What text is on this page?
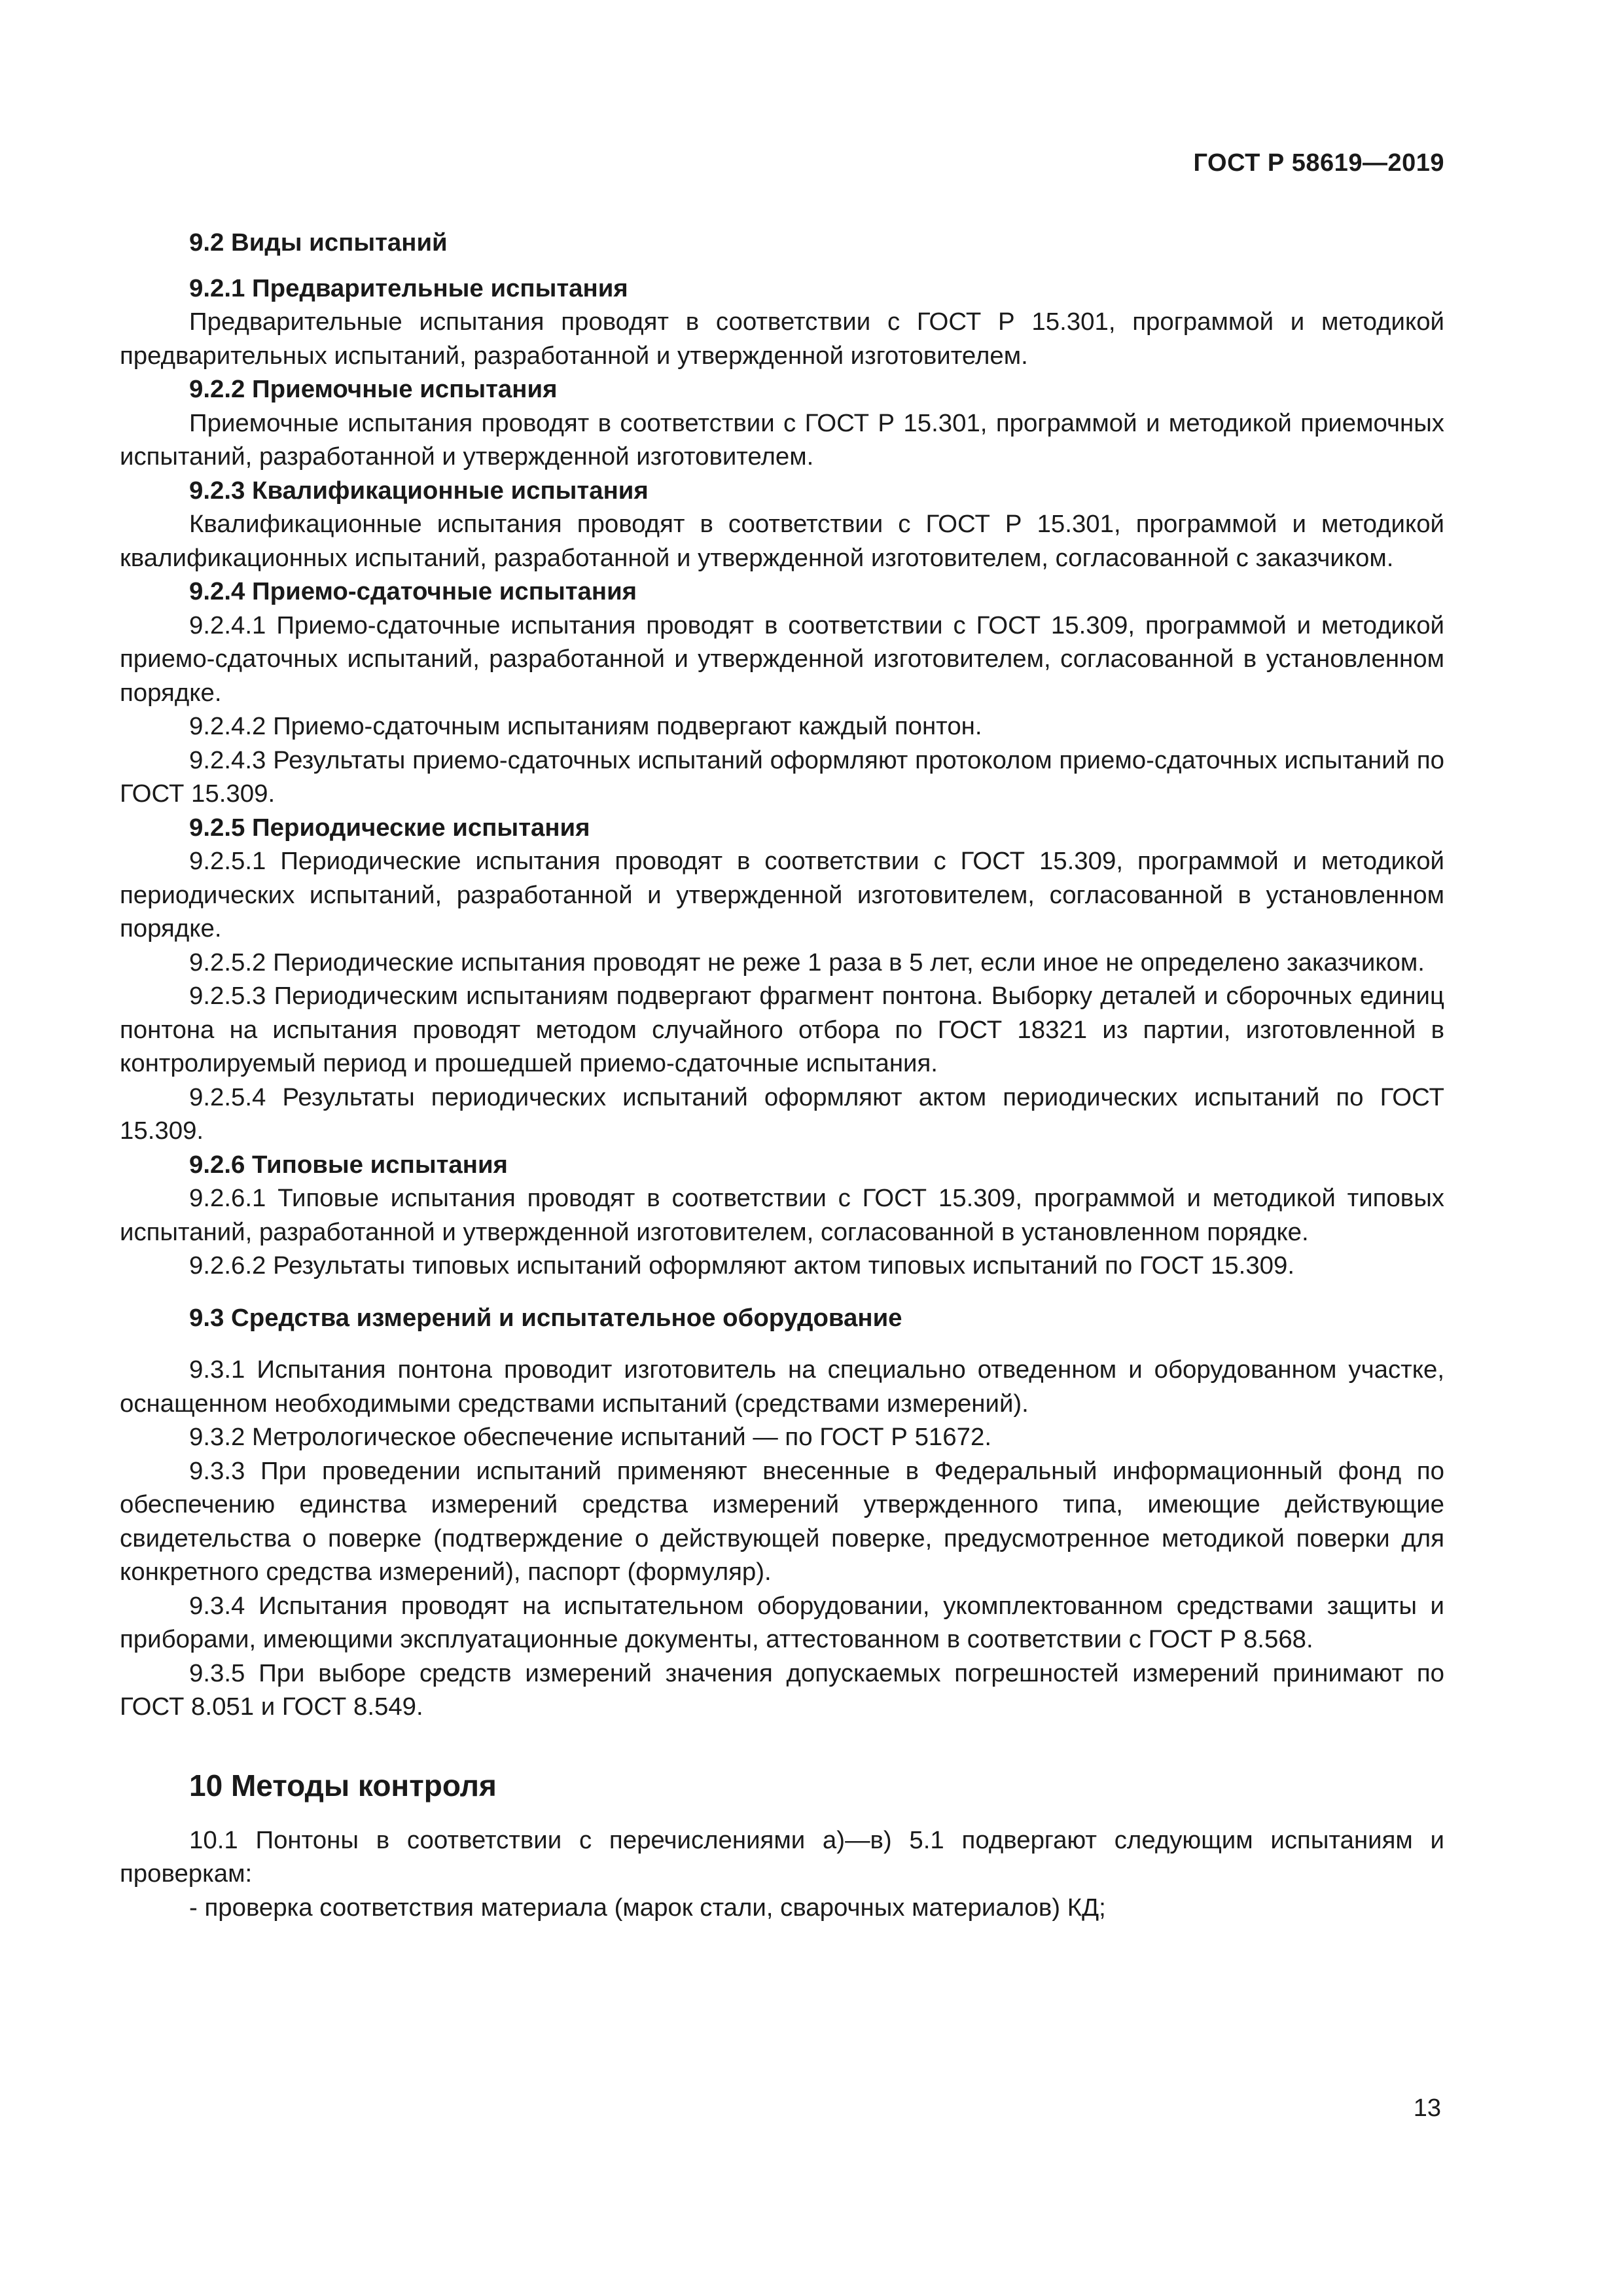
ГОСТ Р 58619—2019
9.2 Виды испытаний
9.2.1 Предварительные испытания

Предварительные испытания проводят в соответствии с ГОСТ Р 15.301, программой и методикой предварительных испытаний, разработанной и утвержденной изготовителем.

9.2.2 Приемочные испытания

Приемочные испытания проводят в соответствии с ГОСТ Р 15.301, программой и методикой приемочных испытаний, разработанной и утвержденной изготовителем.

9.2.3 Квалификационные испытания

Квалификационные испытания проводят в соответствии с ГОСТ Р 15.301, программой и методикой квалификационных испытаний, разработанной и утвержденной изготовителем, согласованной с заказчиком.

9.2.4 Приемо-сдаточные испытания

9.2.4.1 Приемо-сдаточные испытания проводят в соответствии с ГОСТ 15.309, программой и методикой приемо-сдаточных испытаний, разработанной и утвержденной изготовителем, согласованной в установленном порядке.

9.2.4.2 Приемо-сдаточным испытаниям подвергают каждый понтон.

9.2.4.3 Результаты приемо-сдаточных испытаний оформляют протоколом приемо-сдаточных испытаний по ГОСТ 15.309.

9.2.5 Периодические испытания

9.2.5.1 Периодические испытания проводят в соответствии с ГОСТ 15.309, программой и методикой периодических испытаний, разработанной и утвержденной изготовителем, согласованной в установленном порядке.

9.2.5.2 Периодические испытания проводят не реже 1 раза в 5 лет, если иное не определено заказчиком.

9.2.5.3 Периодическим испытаниям подвергают фрагмент понтона. Выборку деталей и сборочных единиц понтона на испытания проводят методом случайного отбора по ГОСТ 18321 из партии, изготовленной в контролируемый период и прошедшей приемо-сдаточные испытания.

9.2.5.4 Результаты периодических испытаний оформляют актом периодических испытаний по ГОСТ 15.309.

9.2.6 Типовые испытания

9.2.6.1 Типовые испытания проводят в соответствии с ГОСТ 15.309, программой и методикой типовых испытаний, разработанной и утвержденной изготовителем, согласованной в установленном порядке.

9.2.6.2 Результаты типовых испытаний оформляют актом типовых испытаний по ГОСТ 15.309.

9.3 Средства измерений и испытательное оборудование

9.3.1 Испытания понтона проводит изготовитель на специально отведенном и оборудованном участке, оснащенном необходимыми средствами испытаний (средствами измерений).

9.3.2 Метрологическое обеспечение испытаний — по ГОСТ Р 51672.

9.3.3 При проведении испытаний применяют внесенные в Федеральный информационный фонд по обеспечению единства измерений средства измерений утвержденного типа, имеющие действующие свидетельства о поверке (подтверждение о действующей поверке, предусмотренное методикой поверки для конкретного средства измерений), паспорт (формуляр).

9.3.4 Испытания проводят на испытательном оборудовании, укомплектованном средствами защиты и приборами, имеющими эксплуатационные документы, аттестованном в соответствии с ГОСТ Р 8.568.

9.3.5 При выборе средств измерений значения допускаемых погрешностей измерений принимают по ГОСТ 8.051 и ГОСТ 8.549.

10 Методы контроля

10.1 Понтоны в соответствии с перечислениями а)—в) 5.1 подвергают следующим испытаниям и проверкам:

- проверка соответствия материала (марок стали, сварочных материалов) КД;
13
